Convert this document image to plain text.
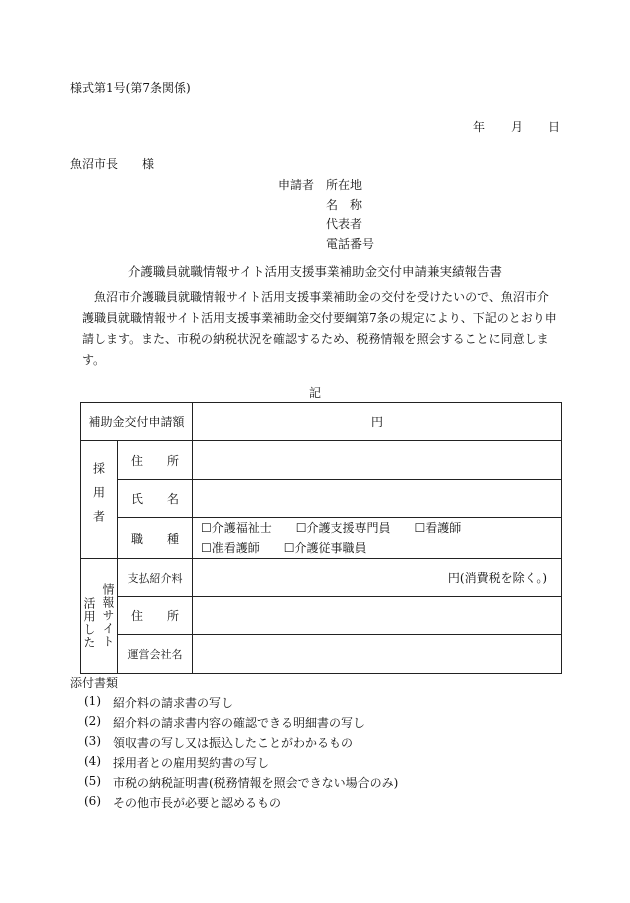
様式第1号(第7条関係)
年 月 日
魚沼市長　　様
申請者 所在地
名　称
代表者
電話番号
介護職員就職情報サイト活用支援事業補助金交付申請兼実績報告書
魚沼市介護職員就職情報サイト活用支援事業補助金の交付を受けたいので、魚沼市介護職員就職情報サイト活用支援事業補助金交付要綱第7条の規定により、下記のとおり申請します。また、市税の納税状況を確認するため、税務情報を照会することに同意します。
記
補助金交付申請額		円
採用者	住　　所	
	氏　　名	
	職　　種	☐介護福祉士　　☐介護支援専門員　　☐看護師
☐准看護師　　☐介護従事職員

活用した 情報サイト	支払紹介料	円(消費税を除く。)
	住　　所	
	運営会社名	
添付書類
(1) 紹介料の請求書の写し
(2) 紹介料の請求書内容の確認できる明細書の写し
(3) 領収書の写し又は振込したことがわかるもの
(4) 採用者との雇用契約書の写し
(5) 市税の納税証明書(税務情報を照会できない場合のみ)
(6) その他市長が必要と認めるもの
